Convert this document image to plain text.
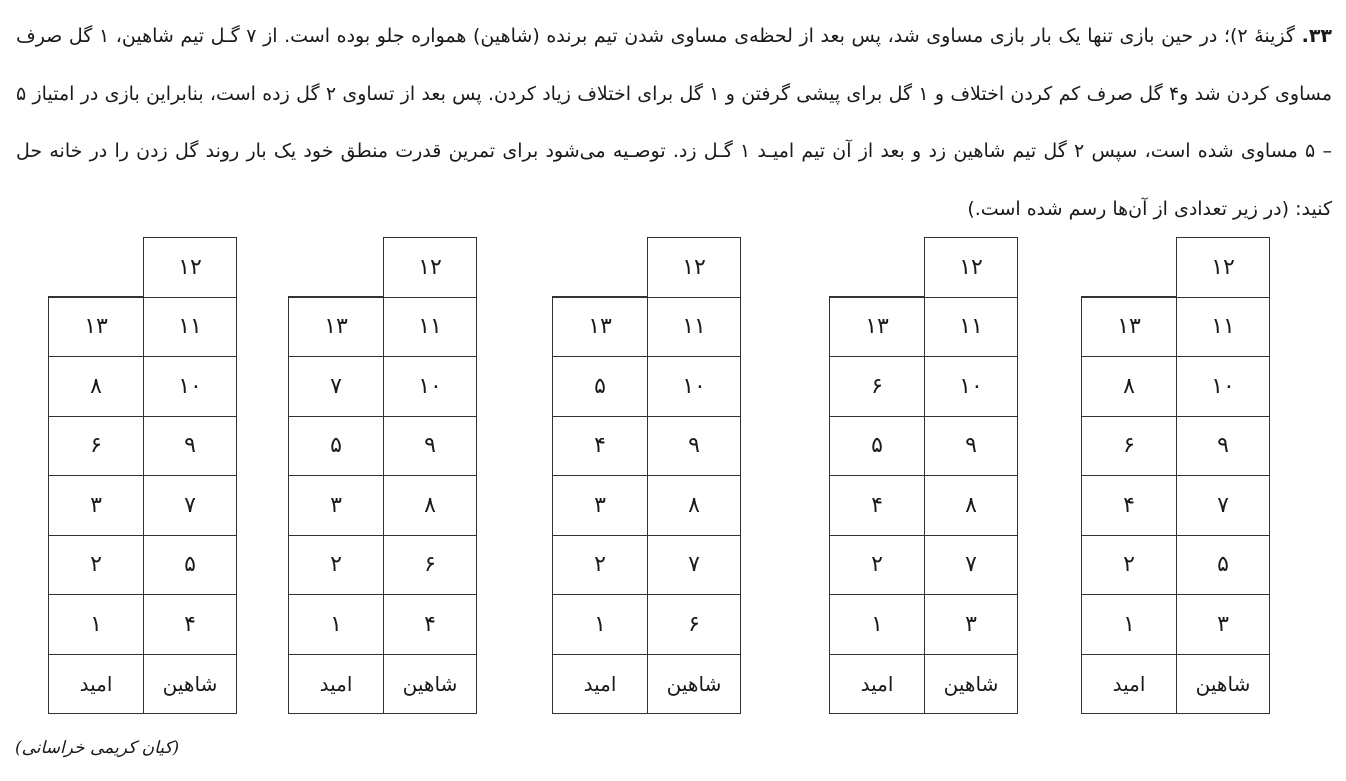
۳۳. گزینۀ ۲)؛ در حین بازی تنها یک بار بازی مساوی شد، پس بعد از لحظه‌ی مساوی شدن تیم برنده (شاهین) همواره جلو بوده است. از ۷ گـل تیم شاهین، ۱ گل صرف مساوی کردن شد و۴ گل صرف کم کردن اختلاف و ۱ گل برای پیشی گرفتن و ۱ گل برای اختلاف زیاد کردن. پس بعد از تساوی ۲ گل زده است، بنابراین بازی در امتیاز ۵ – ۵ مساوی شده است، سپس ۲ گل تیم شاهین زد و بعد از آن تیم امیـد ۱ گـل زد. توصـیه می‌شود برای تمرین قدرت منطق خود یک بار روند گل زدن را در خانه حل کنید: (در زیر تعدادی از آن‌ها رسم شده است.)
۱۲
۱۱
۱۳
۱۰
۸
۹
۶
۷
۴
۵
۲
۳
۱
شاهین
امید
۱۲
۱۱
۱۳
۱۰
۶
۹
۵
۸
۴
۷
۲
۳
۱
شاهین
امید
۱۲
۱۱
۱۳
۱۰
۵
۹
۴
۸
۳
۷
۲
۶
۱
شاهین
امید
۱۲
۱۱
۱۳
۱۰
۷
۹
۵
۸
۳
۶
۲
۴
۱
شاهین
امید
۱۲
۱۱
۱۳
۱۰
۸
۹
۶
۷
۳
۵
۲
۴
۱
شاهین
امید
(کیان کریمی خراسانی)
